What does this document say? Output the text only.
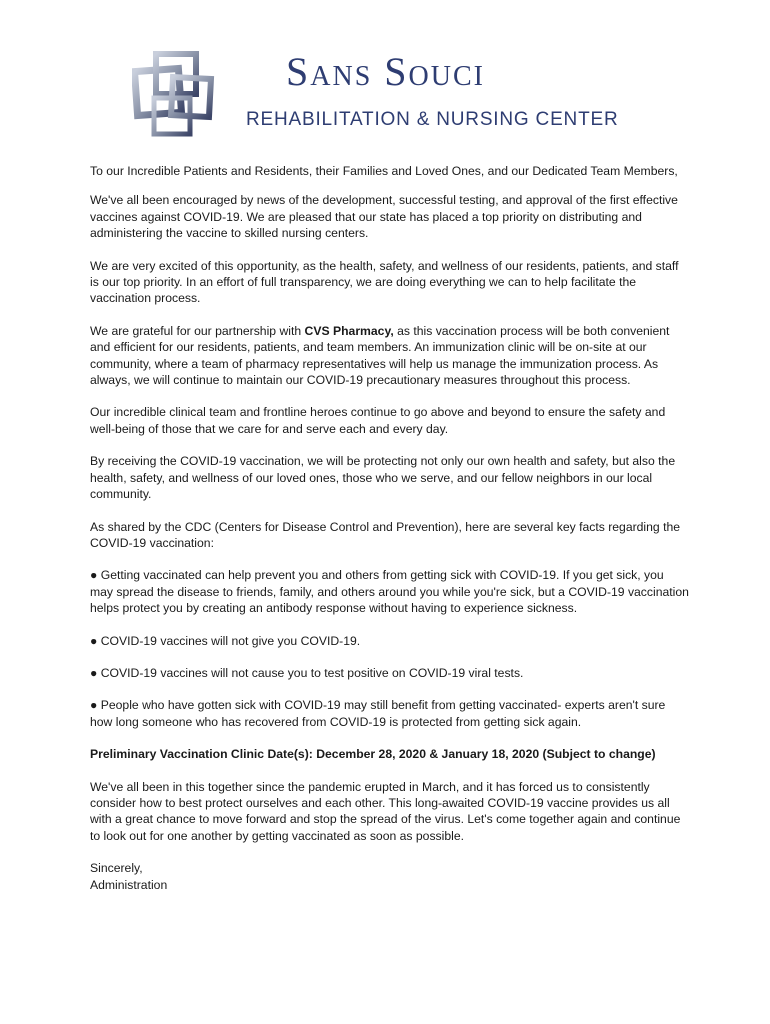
Sans Souci
REHABILITATION & NURSING CENTER

To our Incredible Patients and Residents, their Families and Loved Ones, and our Dedicated Team Members,

We've all been encouraged by news of the development, successful testing, and approval of the first effective vaccines against COVID-19. We are pleased that our state has placed a top priority on distributing and administering the vaccine to skilled nursing centers.

We are very excited of this opportunity, as the health, safety, and wellness of our residents, patients, and staff is our top priority. In an effort of full transparency, we are doing everything we can to help facilitate the vaccination process.

We are grateful for our partnership with CVS Pharmacy, as this vaccination process will be both convenient and efficient for our residents, patients, and team members. An immunization clinic will be on-site at our community, where a team of pharmacy representatives will help us manage the immunization process. As always, we will continue to maintain our COVID-19 precautionary measures throughout this process.

Our incredible clinical team and frontline heroes continue to go above and beyond to ensure the safety and well-being of those that we care for and serve each and every day.

By receiving the COVID-19 vaccination, we will be protecting not only our own health and safety, but also the health, safety, and wellness of our loved ones, those who we serve, and our fellow neighbors in our local community.

As shared by the CDC (Centers for Disease Control and Prevention), here are several key facts regarding the COVID-19 vaccination:

● Getting vaccinated can help prevent you and others from getting sick with COVID-19. If you get sick, you may spread the disease to friends, family, and others around you while you're sick, but a COVID-19 vaccination helps protect you by creating an antibody response without having to experience sickness.

● COVID-19 vaccines will not give you COVID-19.

● COVID-19 vaccines will not cause you to test positive on COVID-19 viral tests.

● People who have gotten sick with COVID-19 may still benefit from getting vaccinated- experts aren't sure how long someone who has recovered from COVID-19 is protected from getting sick again.

Preliminary Vaccination Clinic Date(s): December 28, 2020 & January 18, 2020 (Subject to change)

We've all been in this together since the pandemic erupted in March, and it has forced us to consistently consider how to best protect ourselves and each other. This long-awaited COVID-19 vaccine provides us all with a great chance to move forward and stop the spread of the virus. Let's come together again and continue to look out for one another by getting vaccinated as soon as possible.

Sincerely,
Administration
